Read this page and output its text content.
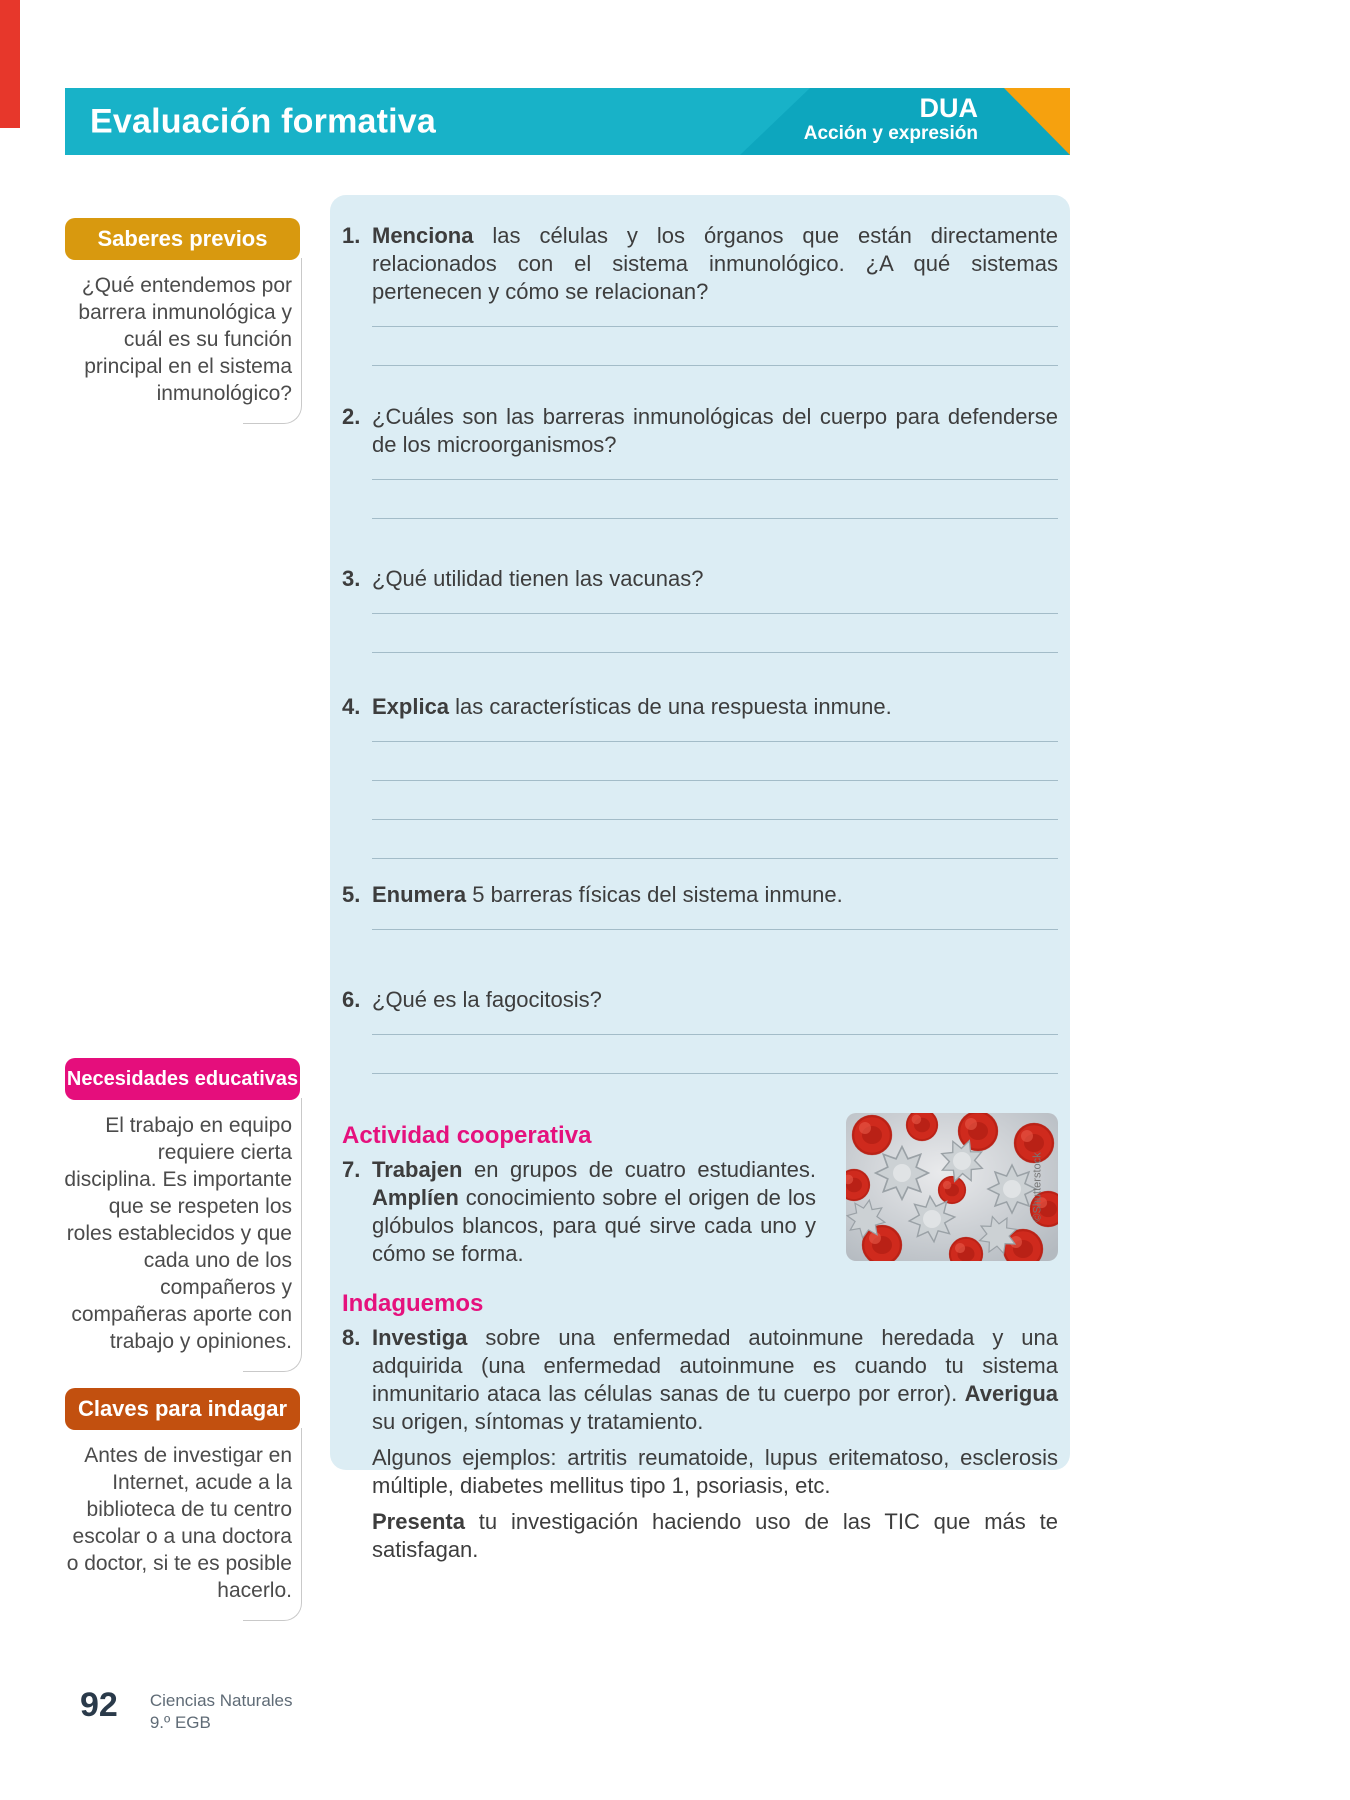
Evaluación formativa	DUA
Acción y expresión
Saberes previos
¿Qué entendemos por barrera inmunológica y cuál es su función principal en el sistema inmunológico?
Necesidades educativas
El trabajo en equipo requiere cierta disciplina. Es importante que se respeten los roles establecidos y que cada uno de los compañeros y compañeras aporte con trabajo y opiniones.
Claves para indagar
Antes de investigar en Internet, acude a la biblioteca de tu centro escolar o a una doctora o doctor, si te es posible hacerlo.
1. Menciona las células y los órganos que están directamente relacionados con el sistema inmunológico. ¿A qué sistemas pertenecen y cómo se relacionan?

2. ¿Cuáles son las barreras inmunológicas del cuerpo para defenderse de los microorganismos?

3. ¿Qué utilidad tienen las vacunas?

4. Explica las características de una respuesta inmune.

5. Enumera 5 barreras físicas del sistema inmune.

6. ¿Qué es la fagocitosis?

Actividad cooperativa
7. Trabajen en grupos de cuatro estudiantes. Amplíen conocimiento sobre el origen de los glóbulos blancos, para qué sirve cada uno y cómo se forma.

©Shutterstock
Indaguemos
8. Investiga sobre una enfermedad autoinmune heredada y una adquirida (una enfermedad autoinmune es cuando tu sistema inmunitario ataca las células sanas de tu cuerpo por error). Averigua su origen, síntomas y tratamiento.

Algunos ejemplos: artritis reumatoide, lupus eritematoso, esclerosis múltiple, diabetes mellitus tipo 1, psoriasis, etc.

Presenta tu investigación haciendo uso de las TIC que más te satisfagan.

92 Ciencias Naturales
9.º EGB
